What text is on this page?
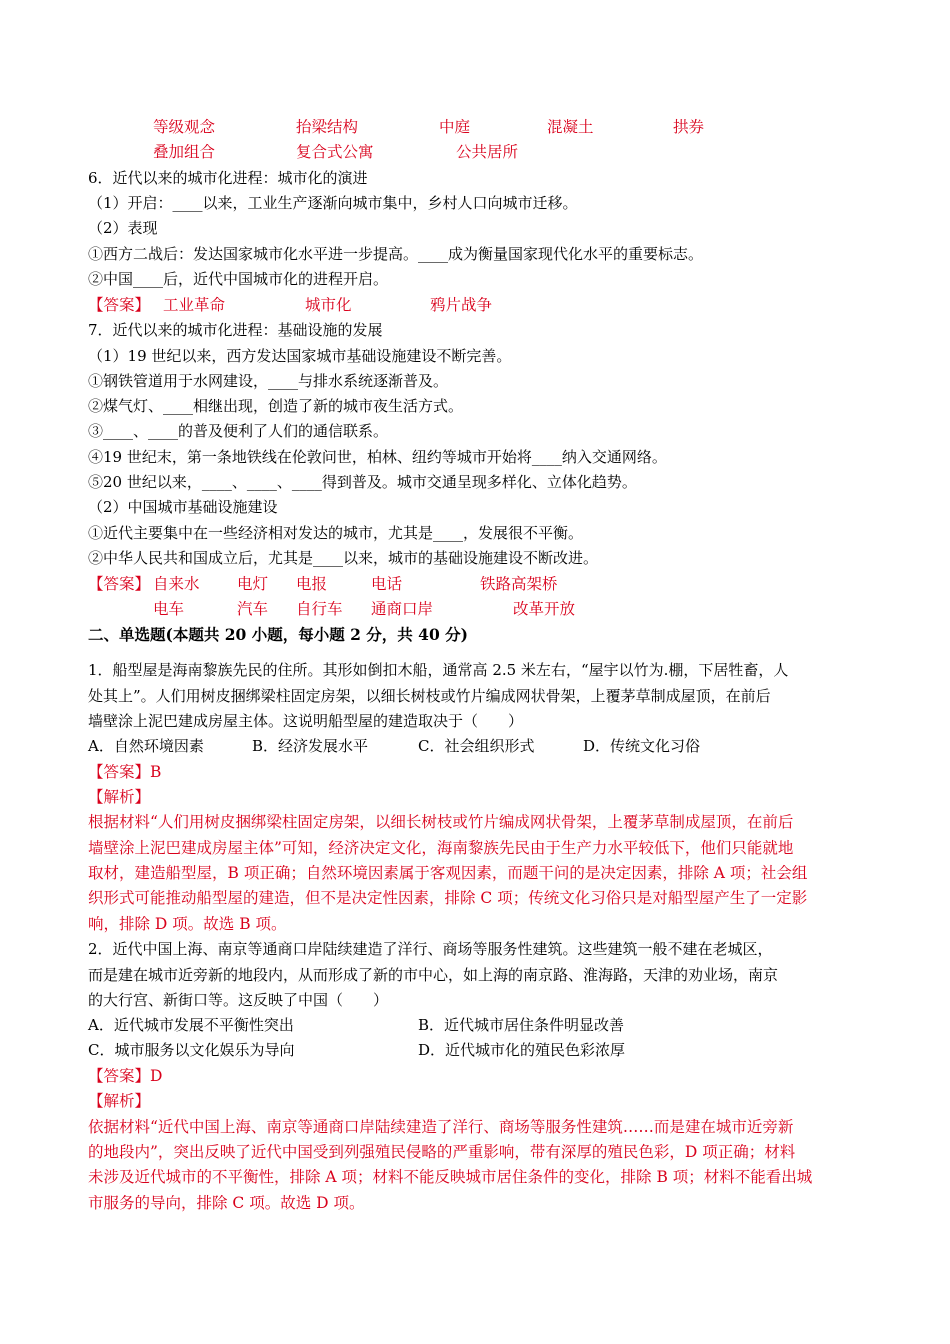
等级观念	抬梁结构	中庭	混凝土	拱券
叠加组合	复合式公寓	公共居所
6．近代以来的城市化进程：城市化的演进
（1）开启：____以来，工业生产逐渐向城市集中，乡村人口向城市迁移。
（2）表现
①西方二战后：发达国家城市化水平进一步提高。____成为衡量国家现代化水平的重要标志。
②中国____后，近代中国城市化的进程开启。
【答案】 工业革命	城市化	鸦片战争
7．近代以来的城市化进程：基础设施的发展
（1）19 世纪以来，西方发达国家城市基础设施建设不断完善。
①钢铁管道用于水网建设，____与排水系统逐渐普及。
②煤气灯、____相继出现，创造了新的城市夜生活方式。
③____、____的普及便利了人们的通信联系。
④19 世纪末，第一条地铁线在伦敦问世，柏林、纽约等城市开始将____纳入交通网络。
⑤20 世纪以来，____、____、____得到普及。城市交通呈现多样化、立体化趋势。
（2）中国城市基础设施建设
①近代主要集中在一些经济相对发达的城市，尤其是____，发展很不平衡。
②中华人民共和国成立后，尤其是____以来，城市的基础设施建设不断改进。
【答案】 自来水 电灯 电报	电话	铁路高架桥
电车	汽车 自行车 通商口岸	改革开放
二、单选题(本题共 20 小题，每小题 2 分，共 40 分)
1．船型屋是海南黎族先民的住所。其形如倒扣木船，通常高 2.5 米左右，“屋宇以竹为.棚，下居牲畜，人
处其上”。人们用树皮捆绑梁柱固定房架，以细长树枝或竹片编成网状骨架，上覆茅草制成屋顶，在前后
墙壁涂上泥巴建成房屋主体。这说明船型屋的建造取决于（　　）
A．自然环境因素	B．经济发展水平	C．社会组织形式	D．传统文化习俗
【答案】B
【解析】
根据材料“人们用树皮捆绑梁柱固定房架，以细长树枝或竹片编成网状骨架，上覆茅草制成屋顶，在前后
墙壁涂上泥巴建成房屋主体”可知，经济决定文化，海南黎族先民由于生产力水平较低下，他们只能就地
取材，建造船型屋，B 项正确；自然环境因素属于客观因素，而题干问的是决定因素，排除 A 项；社会组
织形式可能推动船型屋的建造，但不是决定性因素，排除 C 项；传统文化习俗只是对船型屋产生了一定影
响，排除 D 项。故选 B 项。
2．近代中国上海、南京等通商口岸陆续建造了洋行、商场等服务性建筑。这些建筑一般不建在老城区，
而是建在城市近旁新的地段内，从而形成了新的市中心，如上海的南京路、淮海路，天津的劝业场，南京
的大行宫、新街口等。这反映了中国（　　）
A．近代城市发展不平衡性突出	B．近代城市居住条件明显改善
C．城市服务以文化娱乐为导向	D．近代城市化的殖民色彩浓厚
【答案】D
【解析】
依据材料“近代中国上海、南京等通商口岸陆续建造了洋行、商场等服务性建筑……而是建在城市近旁新
的地段内”，突出反映了近代中国受到列强殖民侵略的严重影响，带有深厚的殖民色彩，D 项正确；材料
未涉及近代城市的不平衡性，排除 A 项；材料不能反映城市居住条件的变化，排除 B 项；材料不能看出城
市服务的导向，排除 C 项。故选 D 项。
